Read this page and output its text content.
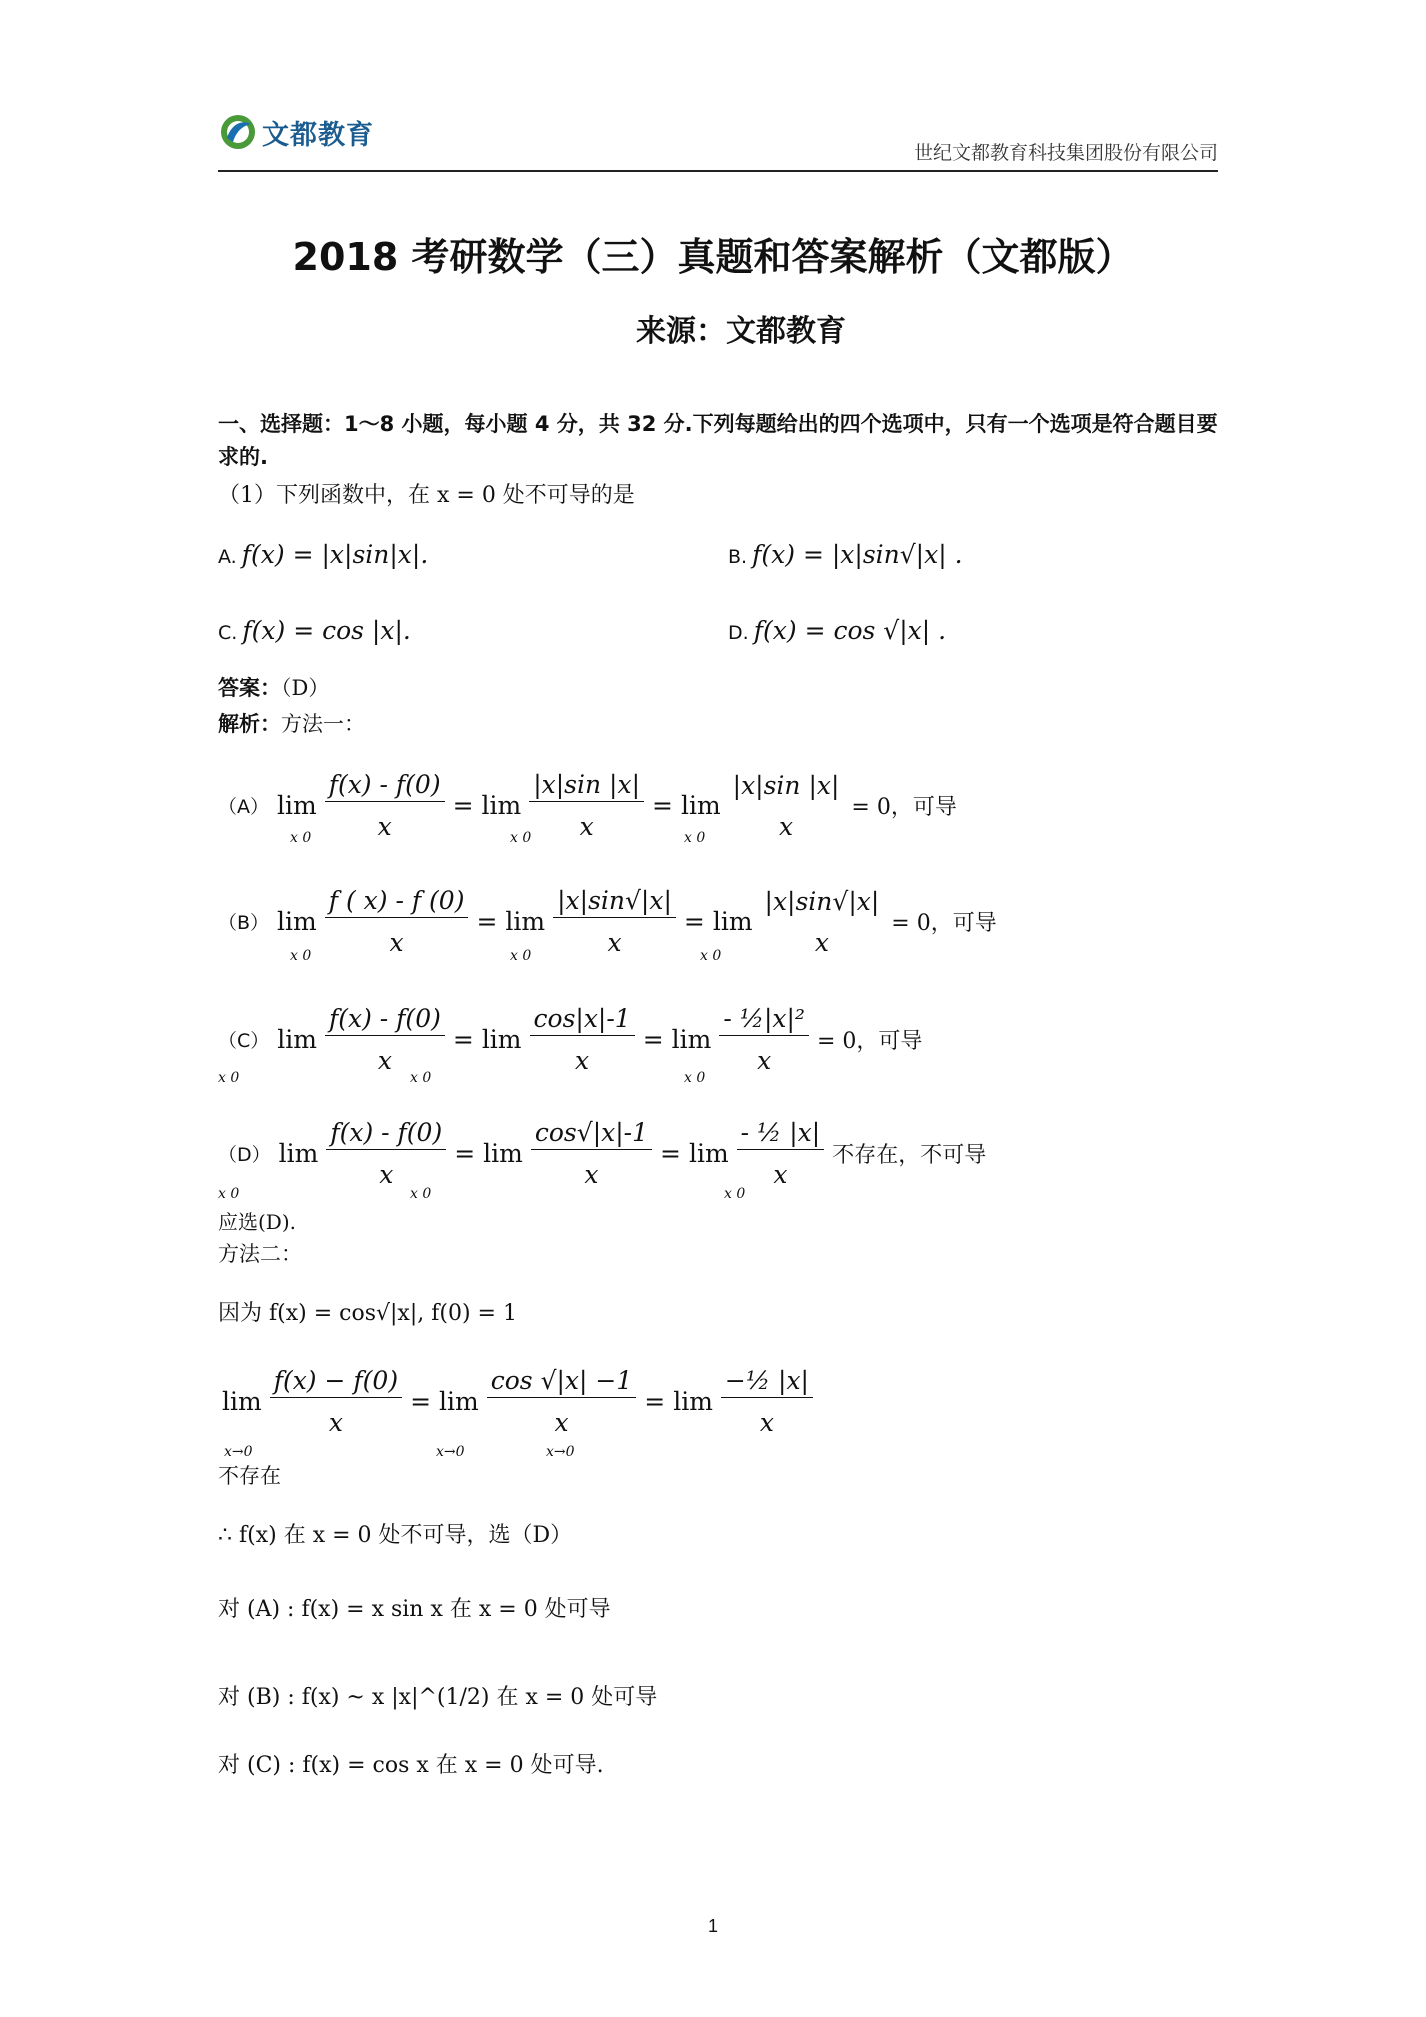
文都教育
世纪文都教育科技集团股份有限公司
2018 考研数学（三）真题和答案解析（文都版）
来源：文都教育
一、选择题：1～8 小题，每小题 4 分，共 32 分.下列每题给出的四个选项中，只有一个选项是符合题目要求的.
（1）下列函数中，在 x = 0 处不可导的是
A. f(x) = |x|sin|x|.	B. f(x) = |x|sin√|x| .
C. f(x) = cos |x|.	D. f(x) = cos √|x| .
答案：（D）
解析：方法一：
（A） $\lim \frac{f(x) - f(0)}{x} = \lim \frac{|x|\sin |x|}{x} = \lim$
|x|sin |x|
x
= 0，可导
x 0	x 0	x 0
（B） $\lim \frac{f ( x) - f (0)}{x} = \lim \frac{|x|\sin√|x|}{x} = \lim$
|x|sin√|x|
x
= 0，可导
x 0	x 0	x 0
（C） $\lim \frac{f(x) - f(0)}{x} = \lim \frac{\cos|x|-1}{x} = \lim \frac{\text{- ½|x|²}}{x} = 0$，可导
x 0	x 0	x 0
（D） $\lim \frac{f(x) - f(0)}{x} = \lim \frac{\cos√|x|-1}{x} = \lim \frac{\text{- ½ |x|}}{x}$ 不存在，不可导
x 0	x 0	x 0
应选(D).
方法二：
因为 f(x) = cos√|x|, f(0) = 1
$\lim \frac{f(x) - f(0)}{x} = \lim \frac{\cos √|x| -1}{x} = \lim \frac{\text{−½ |x|}}{x}$
x→0	x→0	x→0
不存在
∴ f(x) 在 x = 0 处不可导，选（D）
对 (A) : f(x) = x sin x 在 x = 0 处可导
对 (B) : f(x) ~ x |x|^(1/2) 在 x = 0 处可导
对 (C) : f(x) = cos x 在 x = 0 处可导.
1
